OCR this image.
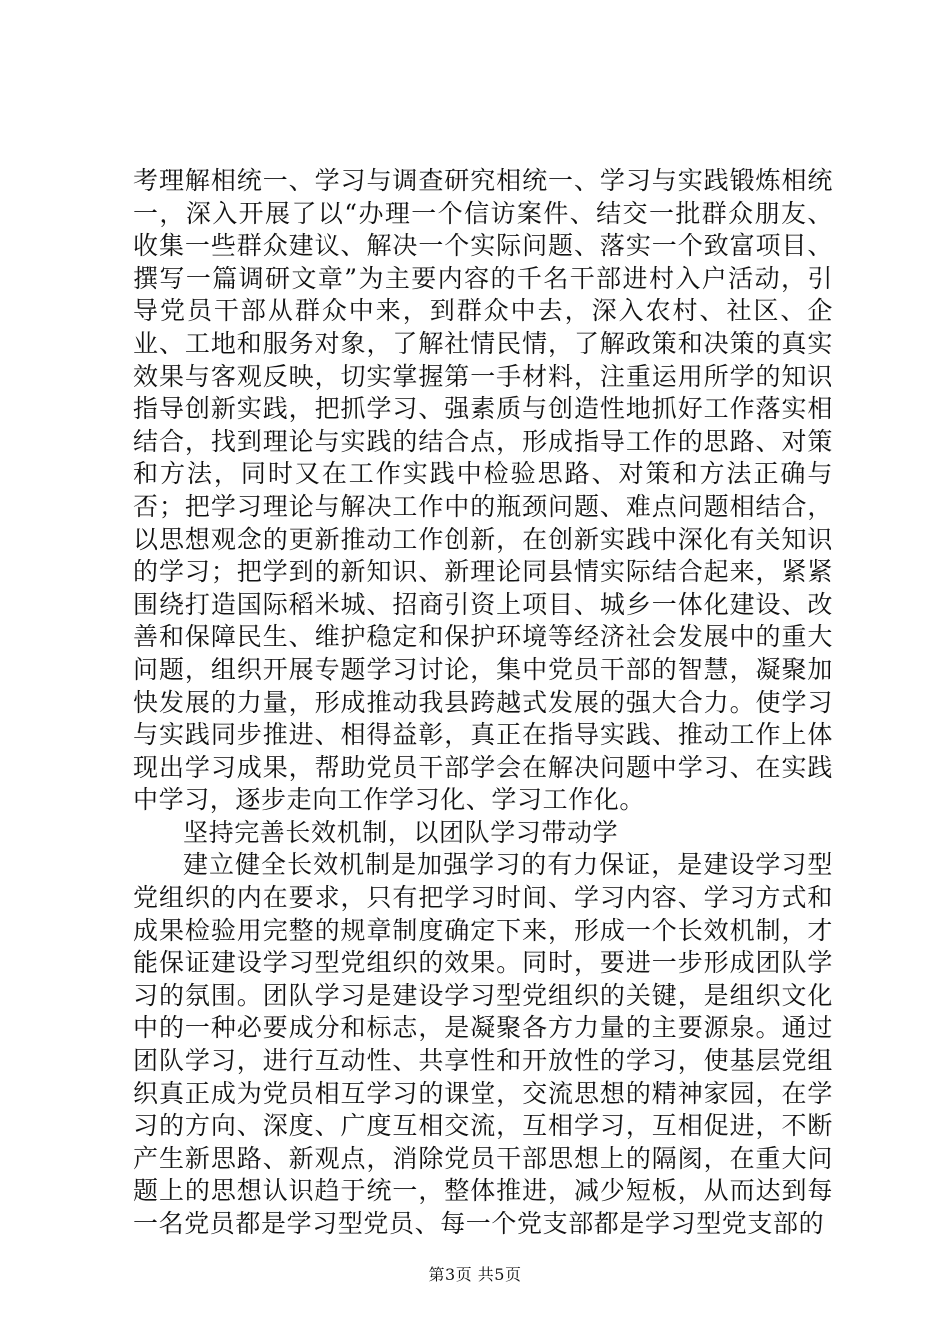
考理解相统一、学习与调查研究相统一、学习与实践锻炼相统一，深入开展了以“办理一个信访案件、结交一批群众朋友、收集一些群众建议、解决一个实际问题、落实一个致富项目、撰写一篇调研文章”为主要内容的千名干部进村入户活动，引导党员干部从群众中来，到群众中去，深入农村、社区、企业、工地和服务对象，了解社情民情，了解政策和决策的真实效果与客观反映，切实掌握第一手材料，注重运用所学的知识指导创新实践，把抓学习、强素质与创造性地抓好工作落实相结合，找到理论与实践的结合点，形成指导工作的思路、对策和方法，同时又在工作实践中检验思路、对策和方法正确与否；把学习理论与解决工作中的瓶颈问题、难点问题相结合，以思想观念的更新推动工作创新，在创新实践中深化有关知识的学习；把学到的新知识、新理论同县情实际结合起来，紧紧围绕打造国际稻米城、招商引资上项目、城乡一体化建设、改善和保障民生、维护稳定和保护环境等经济社会发展中的重大问题，组织开展专题学习讨论，集中党员干部的智慧，凝聚加快发展的力量，形成推动我县跨越式发展的强大合力。使学习与实践同步推进、相得益彰，真正在指导实践、推动工作上体现出学习成果，帮助党员干部学会在解决问题中学习、在实践中学习，逐步走向工作学习化、学习工作化。

坚持完善长效机制，以团队学习带动学

建立健全长效机制是加强学习的有力保证，是建设学习型党组织的内在要求，只有把学习时间、学习内容、学习方式和成果检验用完整的规章制度确定下来，形成一个长效机制，才能保证建设学习型党组织的效果。同时，要进一步形成团队学习的氛围。团队学习是建设学习型党组织的关键，是组织文化中的一种必要成分和标志，是凝聚各方力量的主要源泉。通过团队学习，进行互动性、共享性和开放性的学习，使基层党组织真正成为党员相互学习的课堂，交流思想的精神家园，在学习的方向、深度、广度互相交流，互相学习，互相促进，不断产生新思路、新观点，消除党员干部思想上的隔阂，在重大问题上的思想认识趋于统一，整体推进，减少短板，从而达到每一名党员都是学习型党员、每一个党支部都是学习型党支部的

第3页 共5页
